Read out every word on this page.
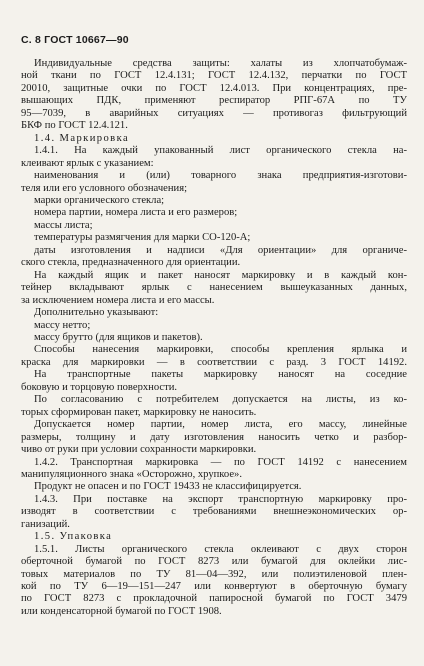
С. 8 ГОСТ 10667—90
Индивидуальные средства защиты: халаты из хлопчатобумаж-
ной ткани по ГОСТ 12.4.131; ГОСТ 12.4.132, перчатки по ГОСТ
20010, защитные очки по ГОСТ 12.4.013. При концентрациях, пре-
вышающих ПДК, применяют респиратор РПГ-67А по ТУ
95—7039, в аварийных ситуациях — противогаз фильтрующий
БКФ по ГОСТ 12.4.121.
1.4. Маркировка
1.4.1. На каждый упакованный лист органического стекла на-
клеивают ярлык с указанием:
наименования и (или) товарного знака предприятия-изготови-
теля или его условного обозначения;
марки органического стекла;
номера партии, номера листа и его размеров;
массы листа;
температуры размягчения для марки СО-120-А;
даты изготовления и надписи «Для ориентации» для органиче-
ского стекла, предназначенного для ориентации.
На каждый ящик и пакет наносят маркировку и в каждый кон-
тейнер вкладывают ярлык с нанесением вышеуказанных данных,
за исключением номера листа и его массы.
Дополнительно указывают:
массу нетто;
массу брутто (для ящиков и пакетов).
Способы нанесения маркировки, способы крепления ярлыка и
краска для маркировки — в соответствии с разд. 3 ГОСТ 14192.
На транспортные пакеты маркировку наносят на соседние
боковую и торцовую поверхности.
По согласованию с потребителем допускается на листы, из ко-
торых сформирован пакет, маркировку не наносить.
Допускается номер партии, номер листа, его массу, линейные
размеры, толщину и дату изготовления наносить четко и разбор-
чиво от руки при условии сохранности маркировки.
1.4.2. Транспортная маркировка — по ГОСТ 14192 с нанесением
манипуляционного знака «Осторожно, хрупкое».
Продукт не опасен и по ГОСТ 19433 не классифицируется.
1.4.3. При поставке на экспорт транспортную маркировку про-
изводят в соответствии с требованиями внешнеэкономических ор-
ганизаций.
1.5. Упаковка
1.5.1. Листы органического стекла оклеивают с двух сторон
оберточной бумагой по ГОСТ 8273 или бумагой для оклейки лис-
товых материалов по ТУ 81—04—392, или полиэтиленовой плен-
кой по ТУ 6—19—151—247 или конвертуют в оберточную бумагу
по ГОСТ 8273 с прокладочной папиросной бумагой по ГОСТ 3479
или конденсаторной бумагой по ГОСТ 1908.
